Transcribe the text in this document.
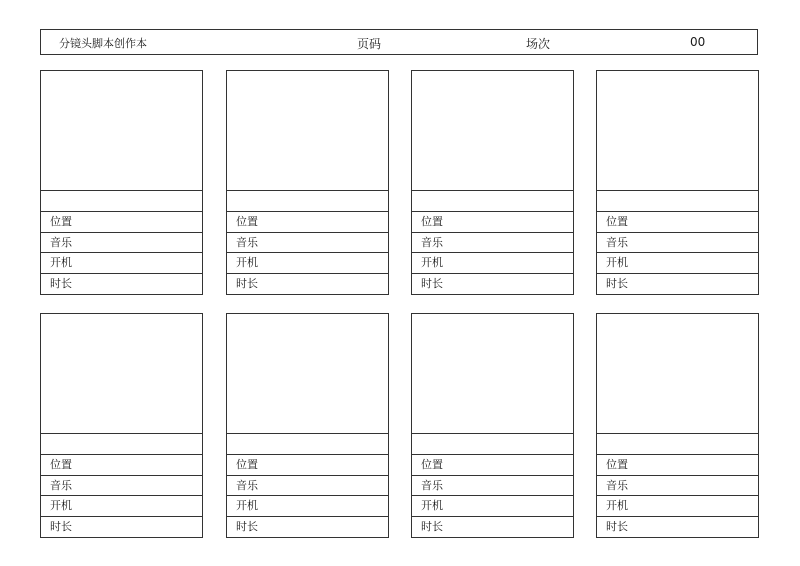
分镜头脚本创作本	页码	场次	00
位置
音乐
开机
时长
位置
音乐
开机
时长
位置
音乐
开机
时长
位置
音乐
开机
时长
位置
音乐
开机
时长
位置
音乐
开机
时长
位置
音乐
开机
时长
位置
音乐
开机
时长
